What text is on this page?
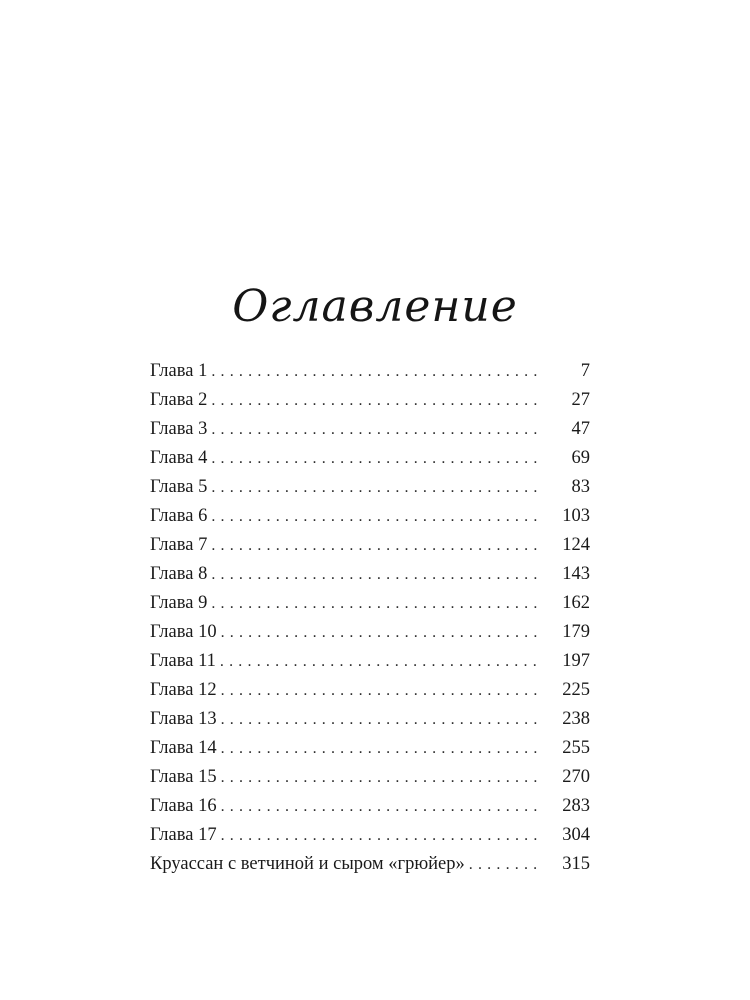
Оглавление
Глава 1 . . .	7
Глава 2 . . .	27
Глава 3 . . .	47
Глава 4 . . .	69
Глава 5 . . .	83
Глава 6 . . .	103
Глава 7 . . .	124
Глава 8 . . .	143
Глава 9 . . .	162
Глава 10 . . .	179
Глава 11 . . .	197
Глава 12 . . .	225
Глава 13 . . .	238
Глава 14 . . .	255
Глава 15 . . .	270
Глава 16 . . .	283
Глава 17 . . .	304
Круассан с ветчиной и сыром «грюйер» . . .	315
